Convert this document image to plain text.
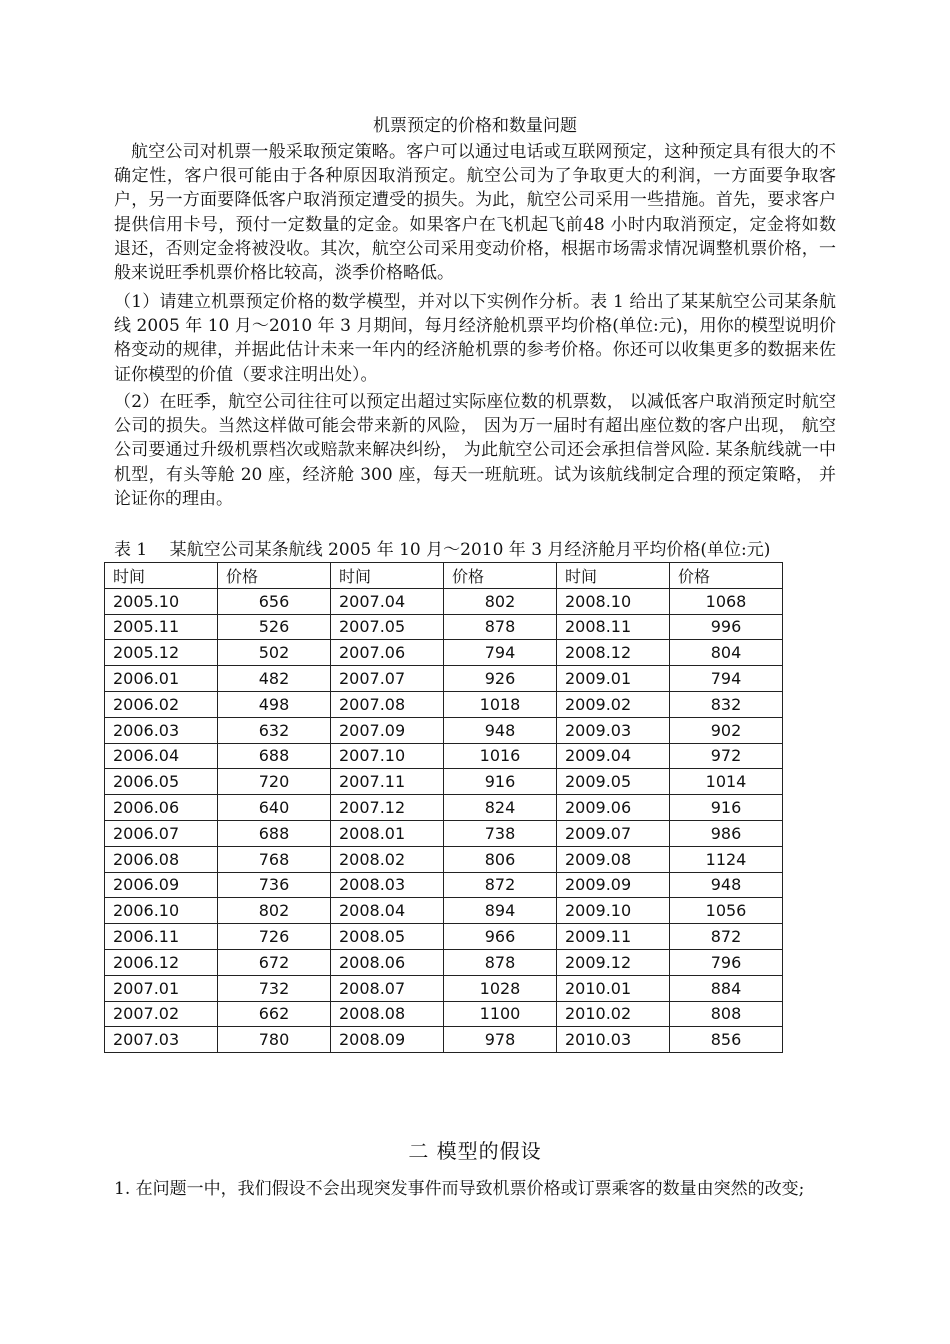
机票预定的价格和数量问题

航空公司对机票一般采取预定策略。客户可以通过电话或互联网预定，这种预定具有很大的不确定性，客户很可能由于各种原因取消预定。航空公司为了争取更大的利润，一方面要争取客户，另一方面要降低客户取消预定遭受的损失。为此，航空公司采用一些措施。首先，要求客户提供信用卡号，预付一定数量的定金。如果客户在飞机起飞前48 小时内取消预定，定金将如数退还，否则定金将被没收。其次，航空公司采用变动价格，根据市场需求情况调整机票价格，一般来说旺季机票价格比较高，淡季价格略低。

（1）请建立机票预定价格的数学模型，并对以下实例作分析。表 1 给出了某某航空公司某条航线 2005 年 10 月～2010 年 3 月期间，每月经济舱机票平均价格(单位:元)，用你的模型说明价格变动的规律，并据此估计未来一年内的经济舱机票的参考价格。你还可以收集更多的数据来佐证你模型的价值（要求注明出处）。

（2）在旺季，航空公司往往可以预定出超过实际座位数的机票数， 以减低客户取消预定时航空公司的损失。当然这样做可能会带来新的风险， 因为万一届时有超出座位数的客户出现， 航空公司要通过升级机票档次或赔款来解决纠纷， 为此航空公司还会承担信誉风险. 某条航线就一中机型，有头等舱 20 座，经济舱 300 座，每天一班航班。试为该航线制定合理的预定策略， 并论证你的理由。

表 1　 某航空公司某条航线 2005 年 10 月～2010 年 3 月经济舱月平均价格(单位:元)
时间	价格	时间	价格	时间	价格
2005.10	656	2007.04	802	2008.10	1068
2005.11	526	2007.05	878	2008.11	996
2005.12	502	2007.06	794	2008.12	804
2006.01	482	2007.07	926	2009.01	794
2006.02	498	2007.08	1018	2009.02	832
2006.03	632	2007.09	948	2009.03	902
2006.04	688	2007.10	1016	2009.04	972
2006.05	720	2007.11	916	2009.05	1014
2006.06	640	2007.12	824	2009.06	916
2006.07	688	2008.01	738	2009.07	986
2006.08	768	2008.02	806	2009.08	1124
2006.09	736	2008.03	872	2009.09	948
2006.10	802	2008.04	894	2009.10	1056
2006.11	726	2008.05	966	2009.11	872
2006.12	672	2008.06	878	2009.12	796
2007.01	732	2008.07	1028	2010.01	884
2007.02	662	2008.08	1100	2010.02	808
2007.03	780	2008.09	978	2010.03	856
二 模型的假设

1. 在问题一中，我们假设不会出现突发事件而导致机票价格或订票乘客的数量由突然的改变;
